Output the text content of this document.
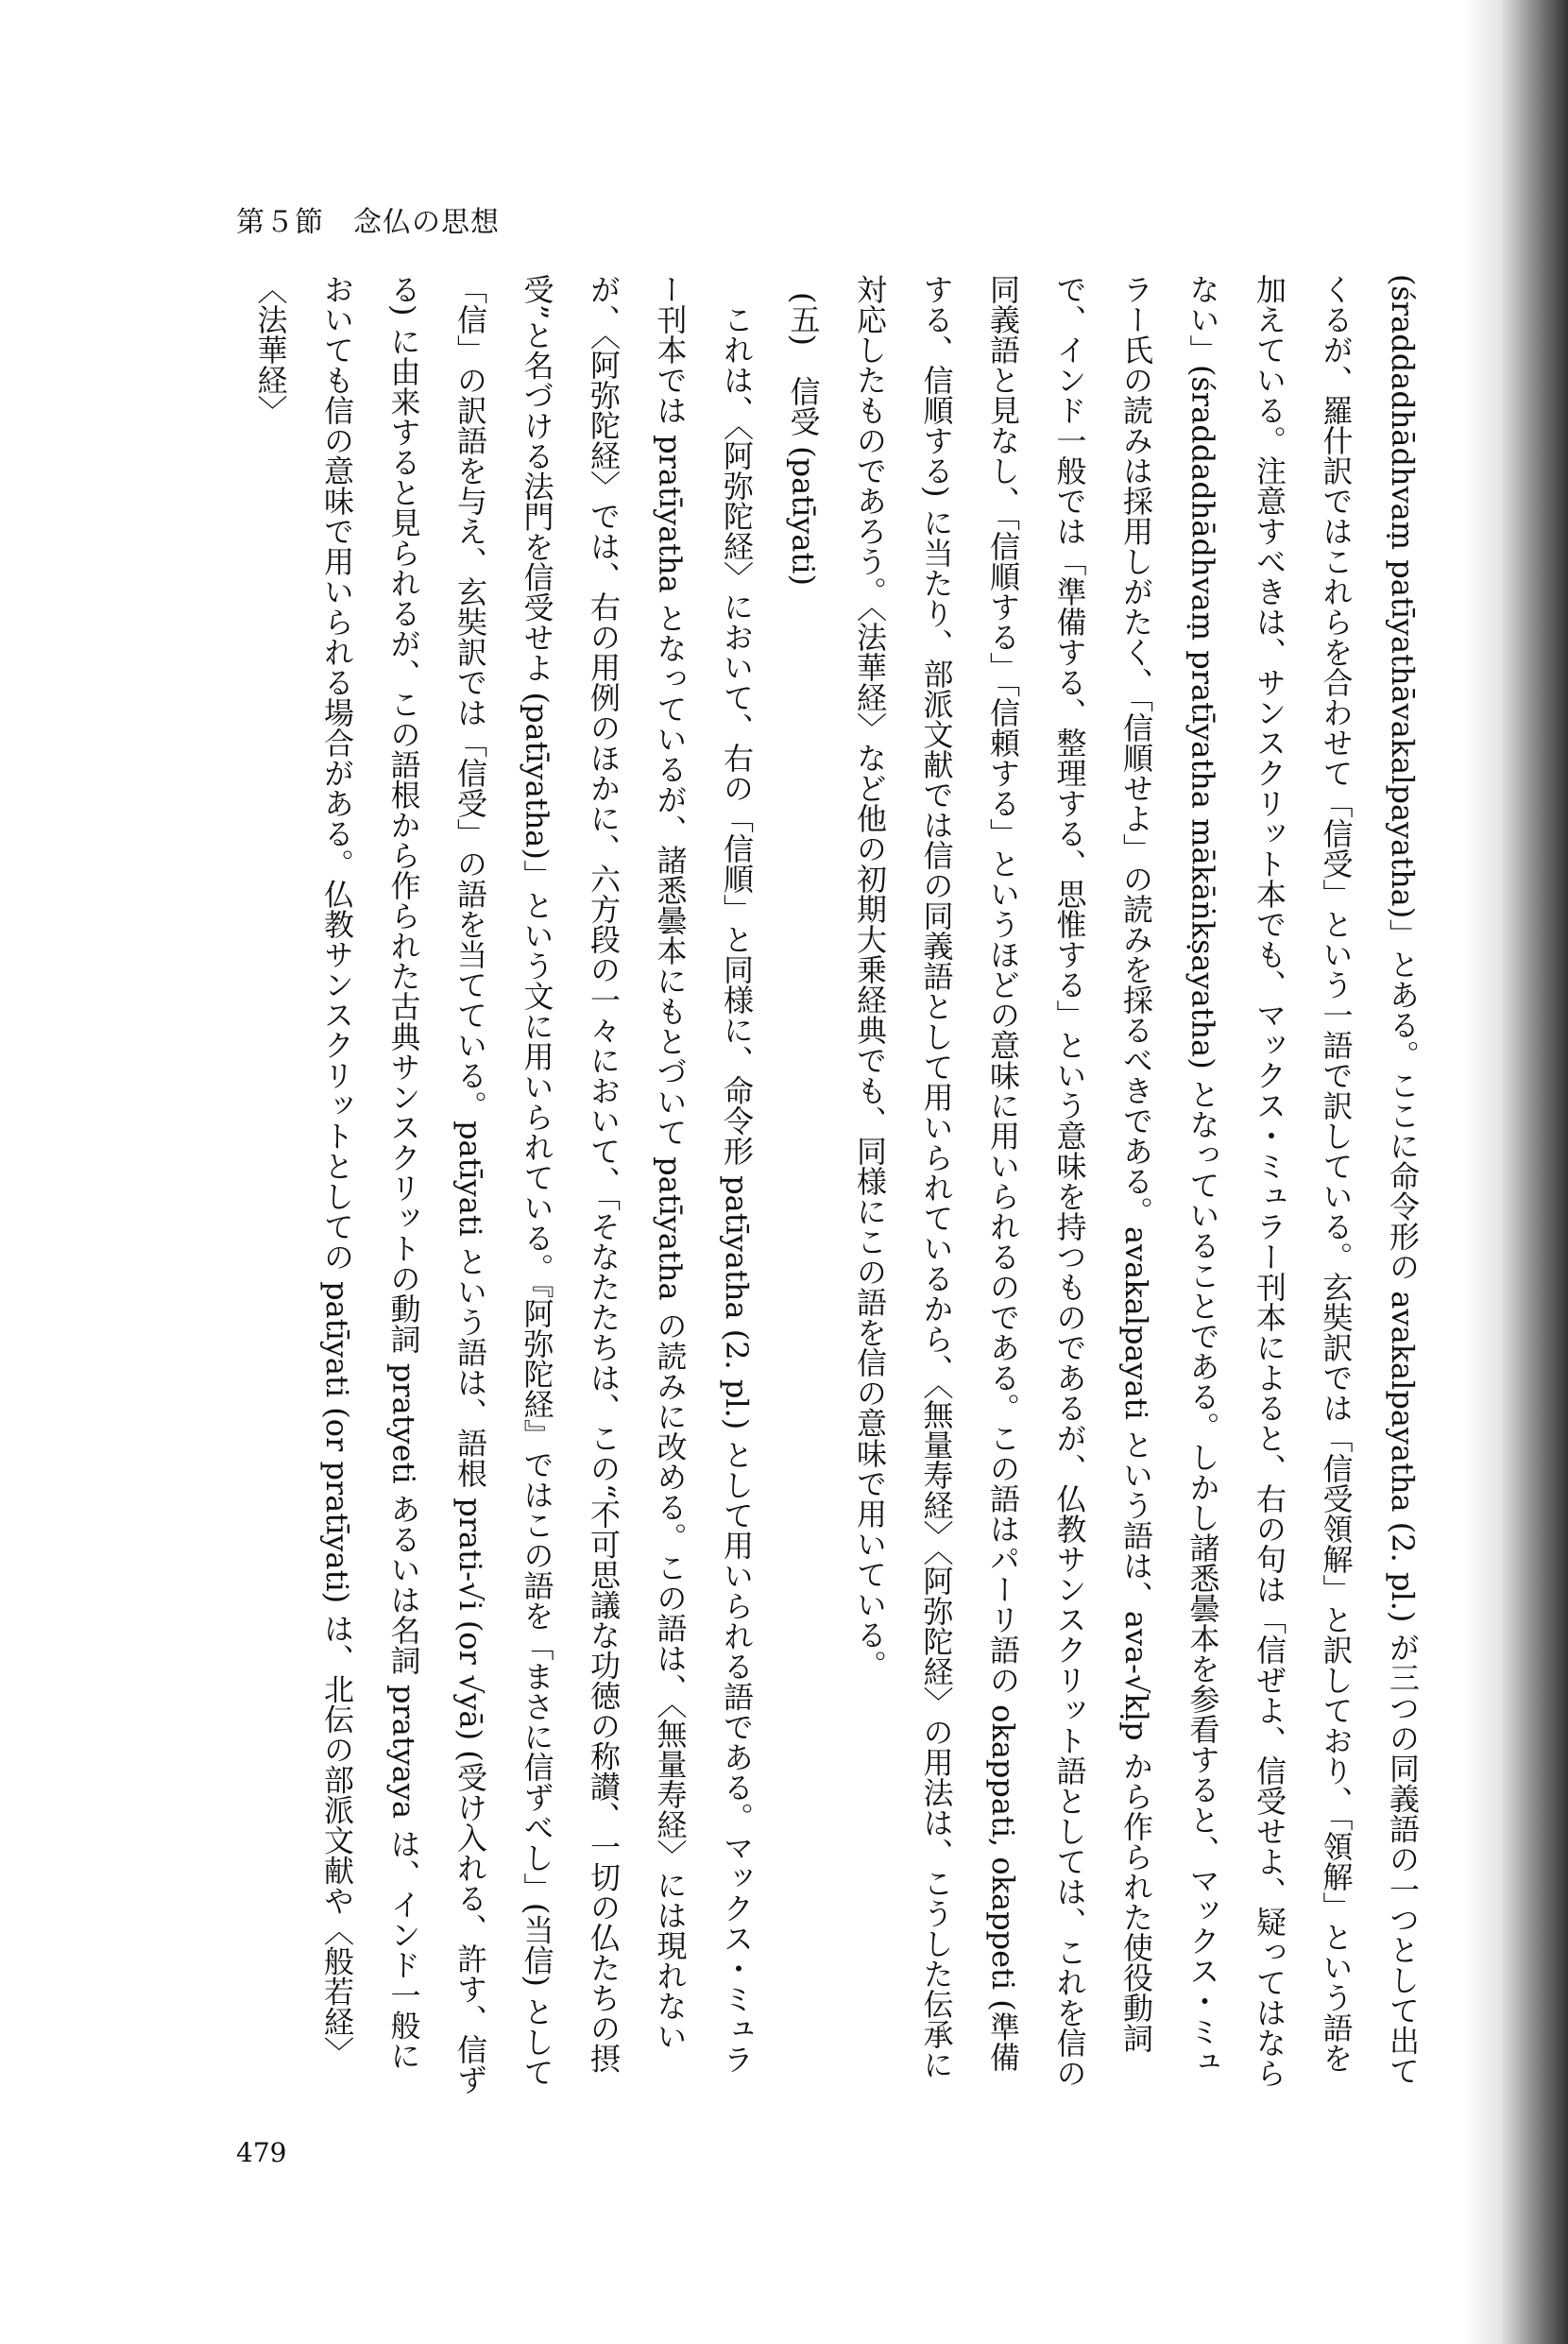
第５節　念仏の思想

(śraddadhādhvaṃ patīyathāvakalpayatha)」とある。ここに命令形の avakalpayatha (2. pl.) が三つの同義語の一つとして出てくるが、羅什訳ではこれらを合わせて「信受」という一語で訳している。玄奘訳では「信受領解」と訳しており、「領解」という語を加えている。注意すべきは、サンスクリット本でも、マックス・ミュラー刊本によると、右の句は「信ぜよ、信受せよ、疑ってはならない」(śraddadhādhvaṃ pratīyatha mākāṅkṣayatha) となっていることである。しかし諸悉曇本を参看すると、マックス・ミュラー氏の読みは採用しがたく、「信順せよ」の読みを採るべきである。avakalpayati という語は、ava-√kḷp から作られた使役動詞で、インド一般では「準備する、整理する、思惟する」という意味を持つものであるが、仏教サンスクリット語としては、これを信の同義語と見なし、「信順する」「信頼する」というほどの意味に用いられるのである。この語はパーリ語の okappati, okappeti (準備する、信順する) に当たり、部派文献では信の同義語として用いられているから、〈無量寿経〉〈阿弥陀経〉の用法は、こうした伝承に対応したものであろう。〈法華経〉など他の初期大乗経典でも、同様にこの語を信の意味で用いている。

(五)　信受 (patīyati)

これは、〈阿弥陀経〉において、右の「信順」と同様に、命令形 patīyatha (2. pl.) として用いられる語である。マックス・ミュラー刊本では pratīyatha となっているが、諸悉曇本にもとづいて patīyatha の読みに改める。この語は、〈無量寿経〉には現れないが、〈阿弥陀経〉では、右の用例のほかに、六方段の一々において、「そなたたちは、この“不可思議な功徳の称讃、一切の仏たちの摂受”と名づける法門を信受せよ (patīyatha)」という文に用いられている。『阿弥陀経』ではこの語を「まさに信ずべし」(当信) として「信」の訳語を与え、玄奘訳では「信受」の語を当てている。patīyati という語は、語根 prati-√i (or √yā) (受け入れる、許す、信ずる) に由来すると見られるが、この語根から作られた古典サンスクリットの動詞 pratyeti あるいは名詞 pratyaya は、インド一般においても信の意味で用いられる場合がある。仏教サンスクリットとしての patīyati (or pratīyati) は、北伝の部派文献や〈般若経〉〈法華経〉

479
